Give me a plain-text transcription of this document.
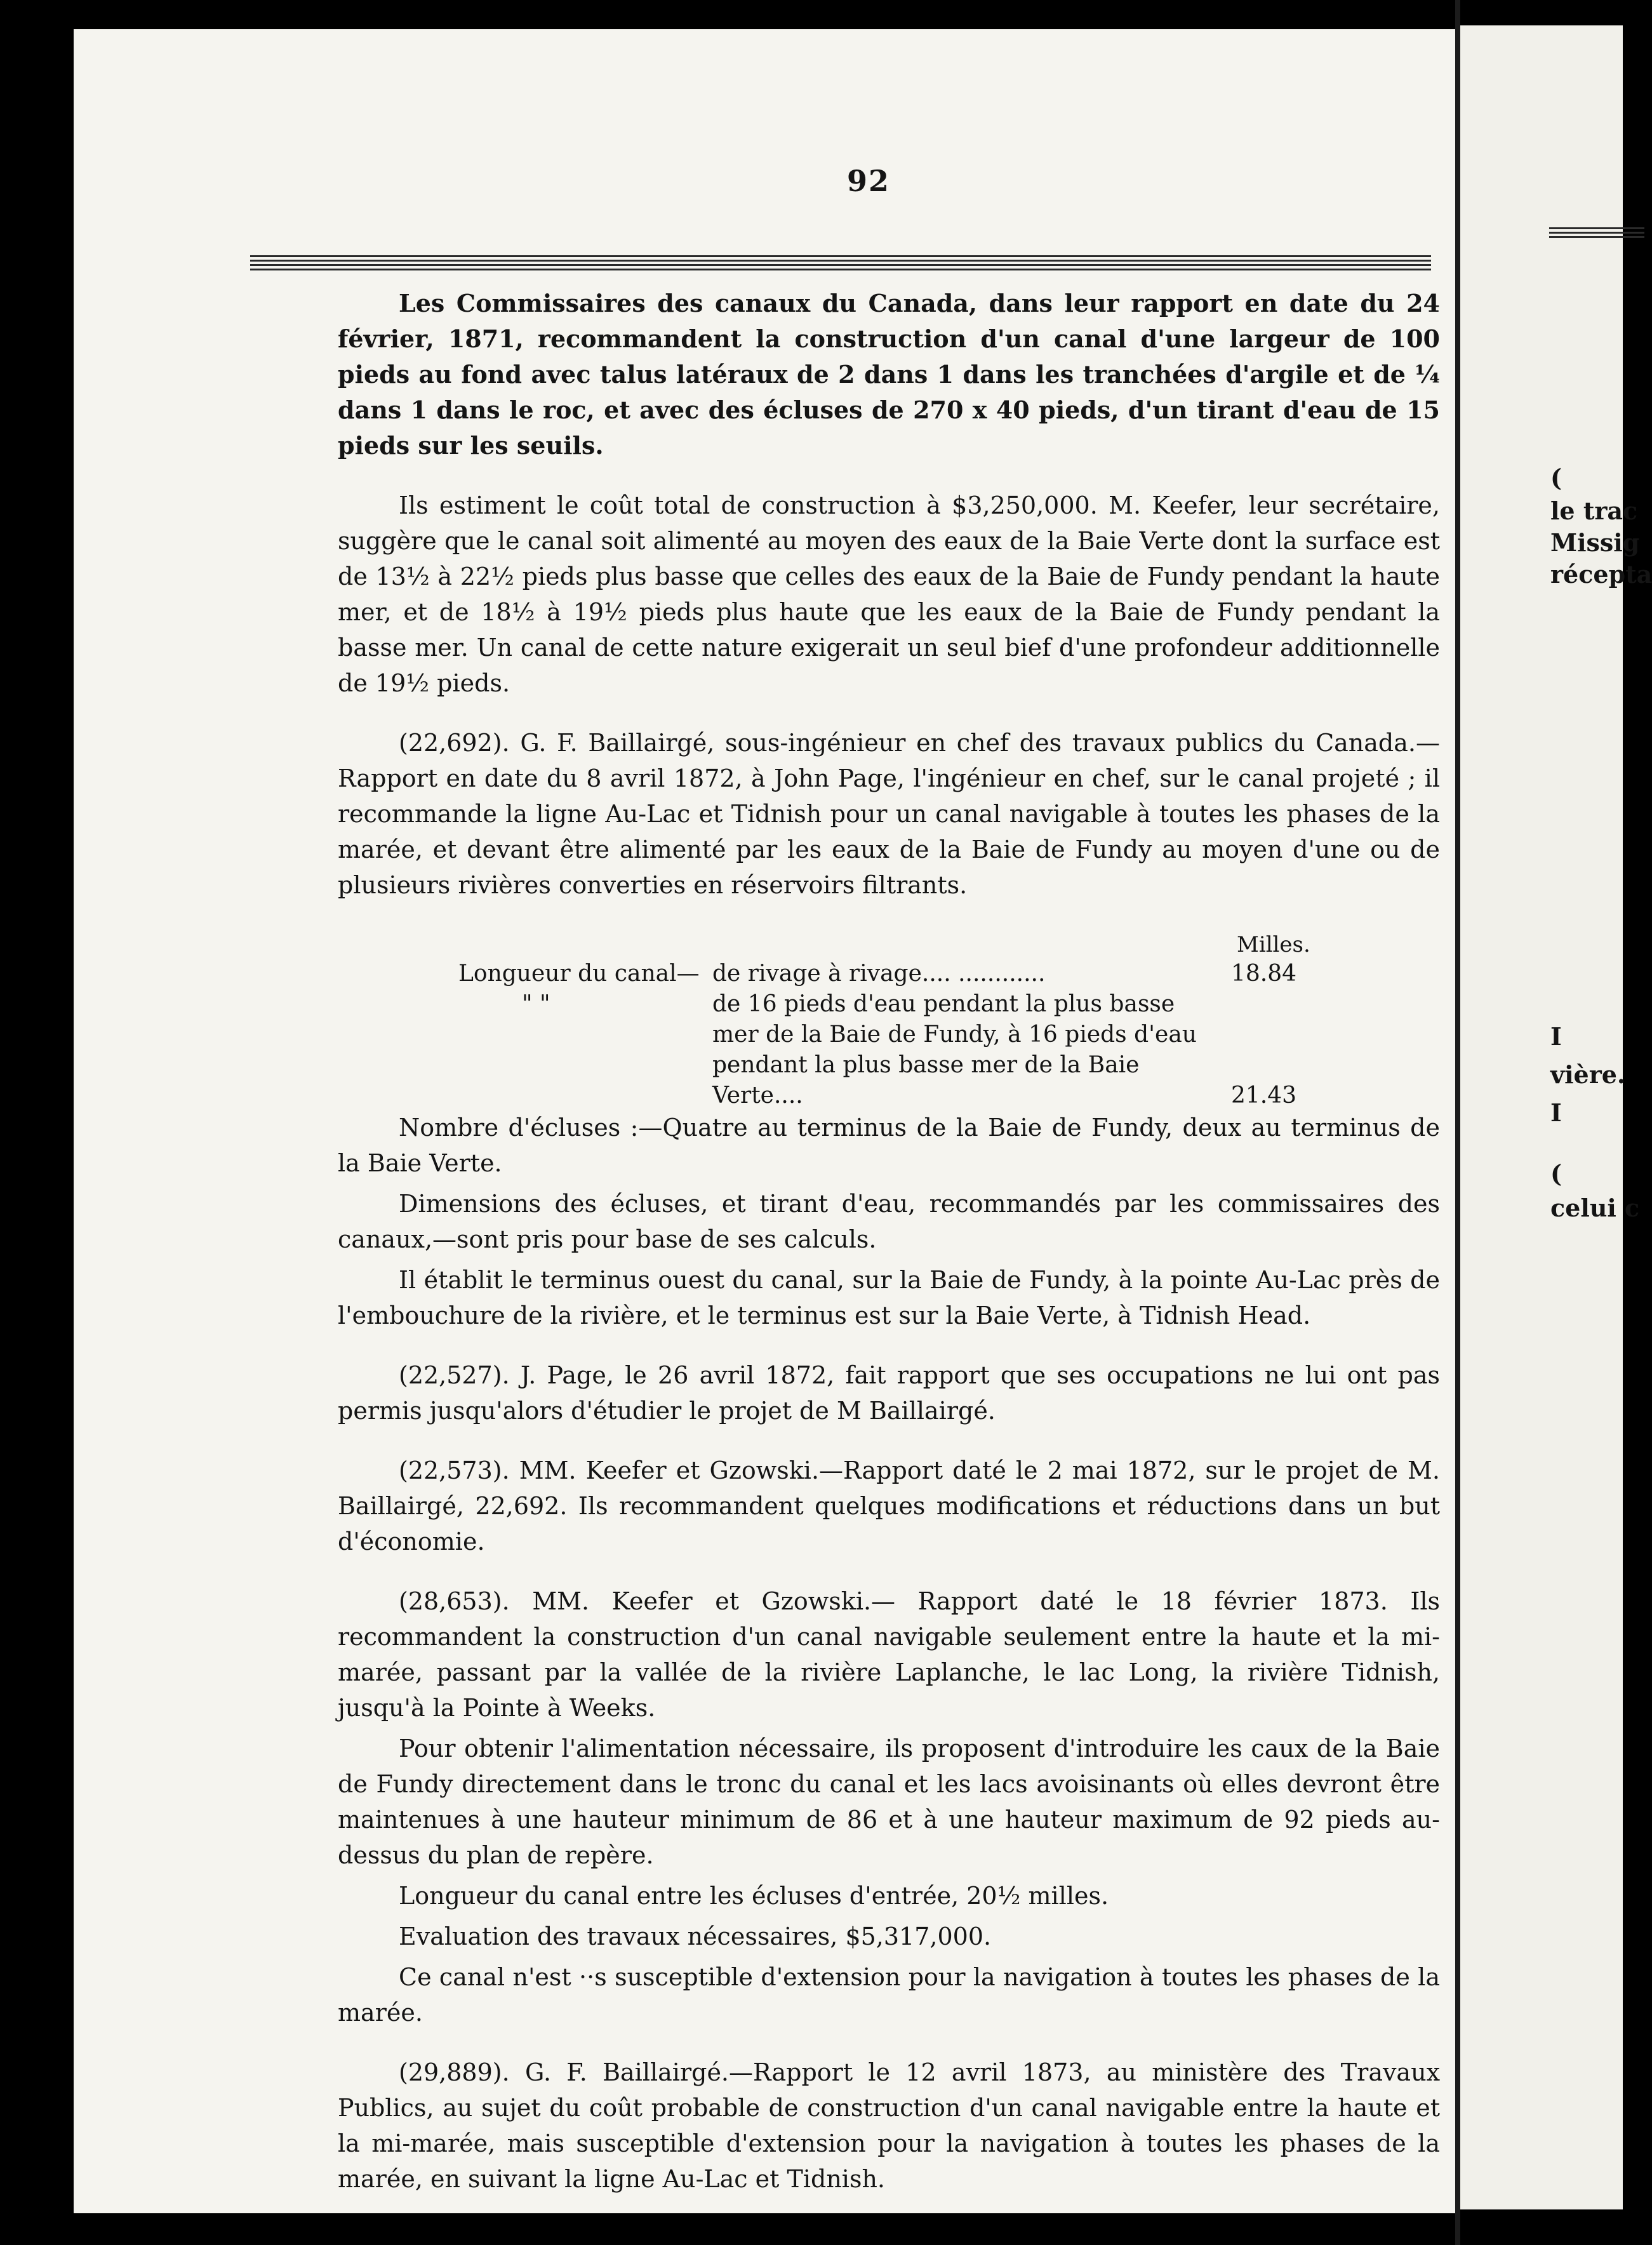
92

Les Commissaires des canaux du Canada, dans leur rapport en date du 24 février, 1871, recommandent la construction d'un canal d'une largeur de 100 pieds au fond avec talus latéraux de 2 dans 1 dans les tranchées d'argile et de ¼ dans 1 dans le roc, et avec des écluses de 270 x 40 pieds, d'un tirant d'eau de 15 pieds sur les seuils.

Ils estiment le coût total de construction à $3,250,000. M. Keefer, leur secrétaire, suggère que le canal soit alimenté au moyen des eaux de la Baie Verte dont la surface est de 13½ à 22½ pieds plus basse que celles des eaux de la Baie de Fundy pendant la haute mer, et de 18½ à 19½ pieds plus haute que les eaux de la Baie de Fundy pendant la basse mer. Un canal de cette nature exigerait un seul bief d'une profondeur additionnelle de 19½ pieds.

(22,692). G. F. Baillairgé, sous-ingénieur en chef des travaux publics du Canada.—Rapport en date du 8 avril 1872, à John Page, l'ingénieur en chef, sur le canal projeté ; il recommande la ligne Au-Lac et Tidnish pour un canal navigable à toutes les phases de la marée, et devant être alimenté par les eaux de la Baie de Fundy au moyen d'une ou de plusieurs rivières converties en réservoirs filtrants.

Milles.
Longueur du canal— de rivage à rivage.... ............	18.84
" "	de 16 pieds d'eau pendant la plus basse mer de la Baie de Fundy, à 16 pieds d'eau pendant la plus basse mer de la Baie Verte....	21.43

Nombre d'écluses :—Quatre au terminus de la Baie de Fundy, deux au terminus de la Baie Verte.

Dimensions des écluses, et tirant d'eau, recommandés par les commissaires des canaux,—sont pris pour base de ses calculs.

Il établit le terminus ouest du canal, sur la Baie de Fundy, à la pointe Au-Lac près de l'embouchure de la rivière, et le terminus est sur la Baie Verte, à Tidnish Head.

(22,527). J. Page, le 26 avril 1872, fait rapport que ses occupations ne lui ont pas permis jusqu'alors d'étudier le projet de M Baillairgé.

(22,573). MM. Keefer et Gzowski.—Rapport daté le 2 mai 1872, sur le projet de M. Baillairgé, 22,692. Ils recommandent quelques modifications et réductions dans un but d'économie.

(28,653). MM. Keefer et Gzowski.— Rapport daté le 18 février 1873. Ils recommandent la construction d'un canal navigable seulement entre la haute et la mi-marée, passant par la vallée de la rivière Laplanche, le lac Long, la rivière Tidnish, jusqu'à la Pointe à Weeks.

Pour obtenir l'alimentation nécessaire, ils proposent d'introduire les caux de la Baie de Fundy directement dans le tronc du canal et les lacs avoisinants où elles devront être maintenues à une hauteur minimum de 86 et à une hauteur maximum de 92 pieds au-dessus du plan de repère.

Longueur du canal entre les écluses d'entrée, 20½ milles.

Evaluation des travaux nécessaires, $5,317,000.

Ce canal n'est ··s susceptible d'extension pour la navigation à toutes les phases de la marée.

(29,889). G. F. Baillairgé.—Rapport le 12 avril 1873, au ministère des Travaux Publics, au sujet du coût probable de construction d'un canal navigable entre la haute et la mi-marée, mais susceptible d'extension pour la navigation à toutes les phases de la marée, en suivant la ligne Au-Lac et Tidnish.

(
le trac
Missig
récepta
I
vière.
I
(
celui c
